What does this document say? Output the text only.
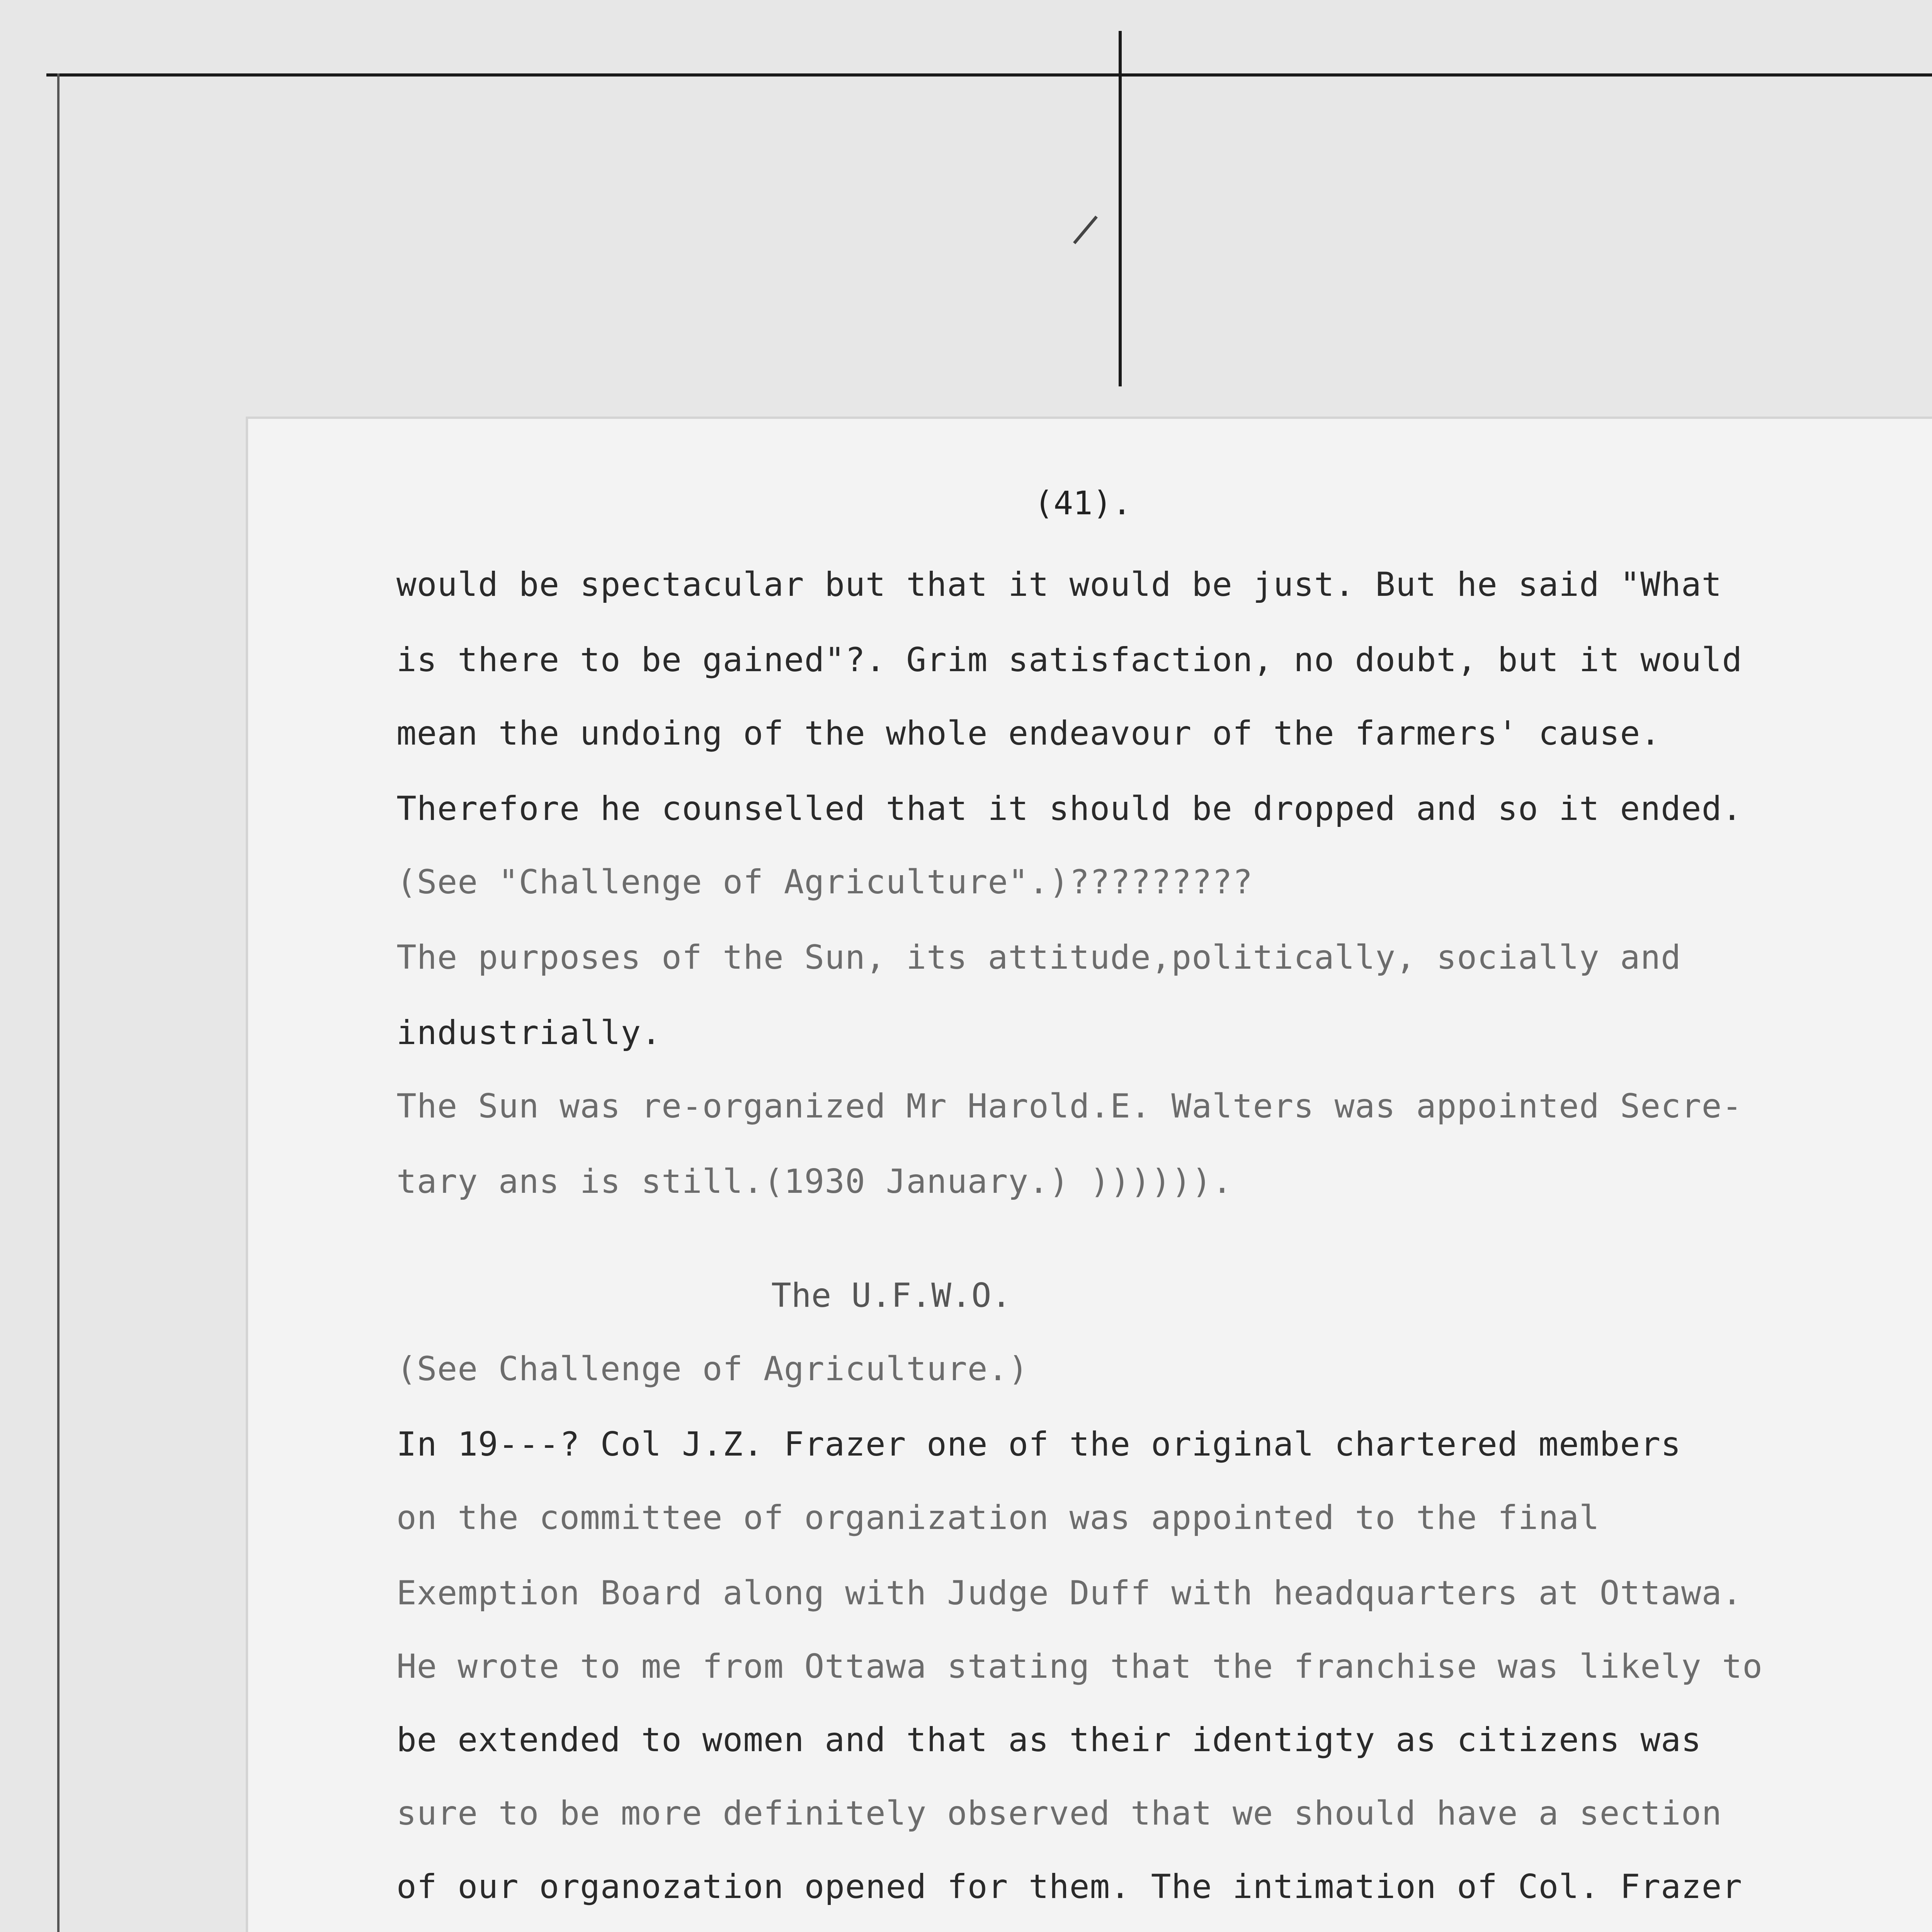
(41).
would be spectacular but that it would be just. But he said "What
is there to be gained"?. Grim satisfaction, no doubt, but it would
mean the undoing of the whole endeavour of the farmers' cause.
Therefore he counselled that it should be dropped and so it ended.
(See "Challenge of Agriculture".)?????????
The purposes of the Sun, its attitude,politically, socially and
industrially.
The Sun was re-organized Mr Harold.E. Walters was appointed Secre-
tary ans is still.(1930 January.) )))))).
The U.F.W.O.
(See Challenge of Agriculture.)
In 19---? Col J.Z. Frazer one of the original chartered members
on the committee of organization was appointed to the final
Exemption Board along with Judge Duff with headquarters at Ottawa.
He wrote to me from Ottawa stating that the franchise was likely to
be extended to women and that as their identigty as citizens was
sure to be more definitely observed that we should have a section
of our organozation opened for them. The intimation of Col. Frazer
